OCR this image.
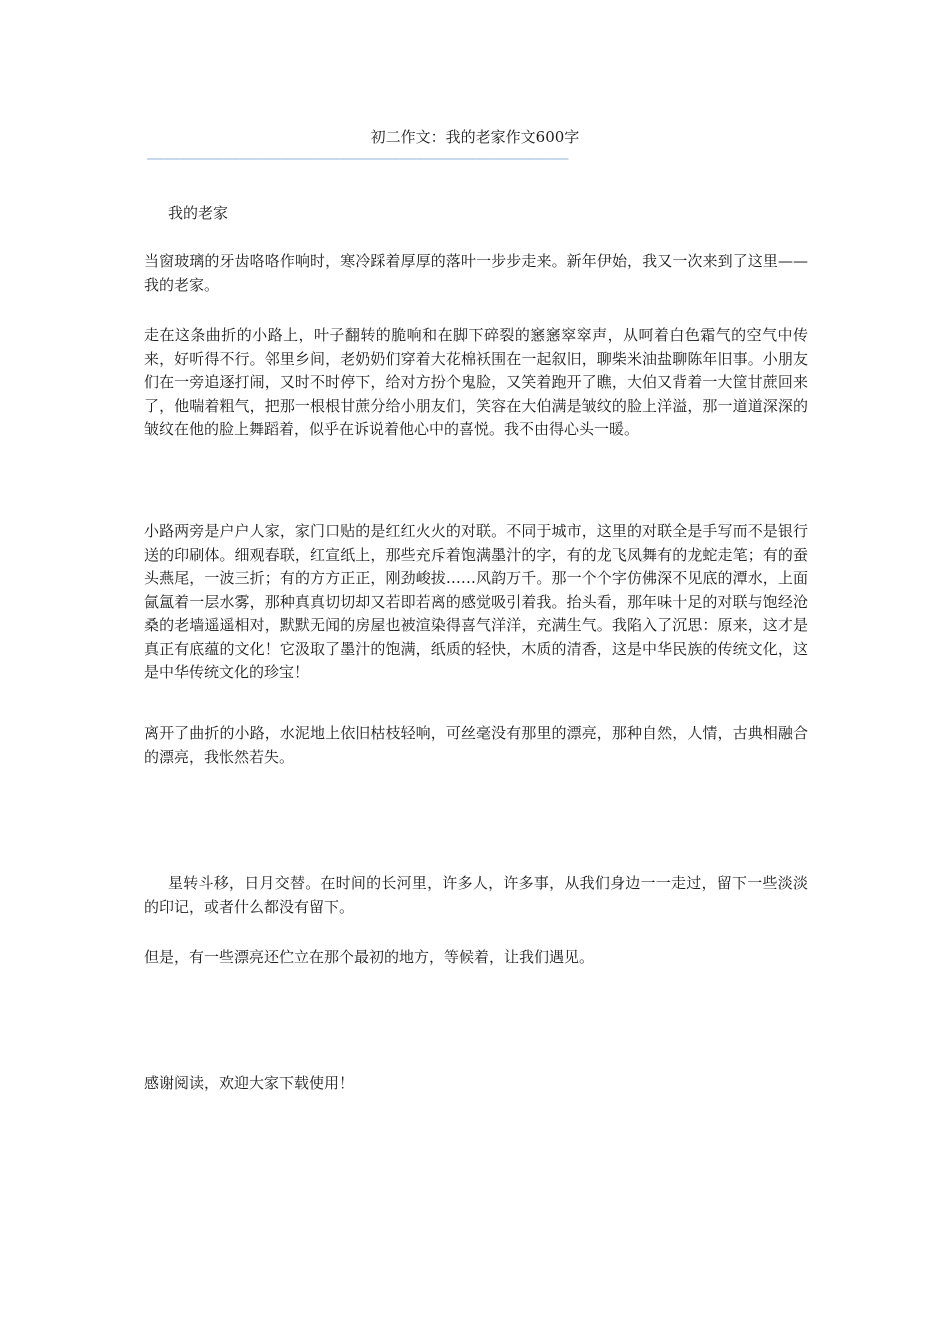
初二作文：我的老家作文600字
——————————————————————————————————————————————————
我的老家

当窗玻璃的牙齿咯咯作响时，寒冷踩着厚厚的落叶一步步走来。新年伊始，我又一次来到了这里——我的老家。

走在这条曲折的小路上，叶子翻转的脆响和在脚下碎裂的窸窸窣窣声，从呵着白色霜气的空气中传来，好听得不行。邻里乡间，老奶奶们穿着大花棉袄围在一起叙旧，聊柴米油盐聊陈年旧事。小朋友们在一旁追逐打闹，又时不时停下，给对方扮个鬼脸，又笑着跑开了瞧，大伯又背着一大筐甘蔗回来了，他喘着粗气，把那一根根甘蔗分给小朋友们，笑容在大伯满是皱纹的脸上洋溢，那一道道深深的皱纹在他的脸上舞蹈着，似乎在诉说着他心中的喜悦。我不由得心头一暖。

小路两旁是户户人家，家门口贴的是红红火火的对联。不同于城市，这里的对联全是手写而不是银行送的印刷体。细观春联，红宣纸上，那些充斥着饱满墨汁的字，有的龙飞凤舞有的龙蛇走笔；有的蚕头燕尾，一波三折；有的方方正正，刚劲峻拔……风韵万千。那一个个字仿佛深不见底的潭水，上面氤氲着一层水雾，那种真真切切却又若即若离的感觉吸引着我。抬头看，那年味十足的对联与饱经沧桑的老墙遥遥相对，默默无闻的房屋也被渲染得喜气洋洋，充满生气。我陷入了沉思：原来，这才是真正有底蕴的文化！它汲取了墨汁的饱满，纸质的轻快，木质的清香，这是中华民族的传统文化，这是中华传统文化的珍宝！

离开了曲折的小路，水泥地上依旧枯枝轻响，可丝毫没有那里的漂亮，那种自然，人情，古典相融合的漂亮，我怅然若失。

星转斗移，日月交替。在时间的长河里，许多人，许多事，从我们身边一一走过，留下一些淡淡的印记，或者什么都没有留下。

但是，有一些漂亮还伫立在那个最初的地方，等候着，让我们遇见。

感谢阅读，欢迎大家下载使用！
